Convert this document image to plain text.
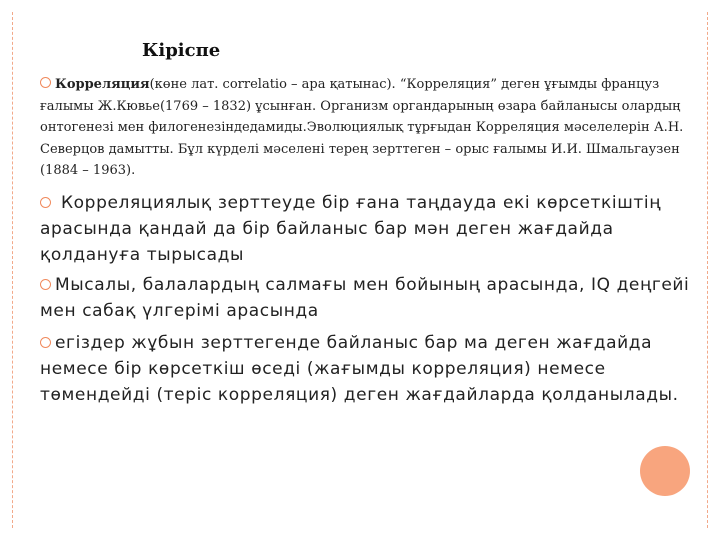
Кіріспе
Корреляция(көне лат. correlatio – ара қатынас). “Корреляция” деген ұғымды француз ғалымы Ж.Кювье(1769 – 1832) ұсынған. Организм органдарының өзара байланысы олардың онтогенезі мен филогенезіндедамиды.Эволюциялық тұрғыдан Корреляция мәселелерін А.Н. Северцов дамытты. Бұл күрделі мәселені терең зерттеген – орыс ғалымы И.И. Шмальгаузен (1884 – 1963).
Корреляциялық зерттеуде бір ғана таңдауда екі көрсеткіштің арасында қандай да бір байланыс бар мән деген жағдайда қолдануға тырысады
Мысалы, балалардың салмағы мен бойының арасында, IQ деңгейі мен сабақ үлгерімі арасында
егіздер жұбын зерттегенде байланыс бар ма деген жағдайда немесе бір көрсеткіш өседі (жағымды корреляция) немесе төмендейді (теріс корреляция) деген жағдайларда қолданылады.
